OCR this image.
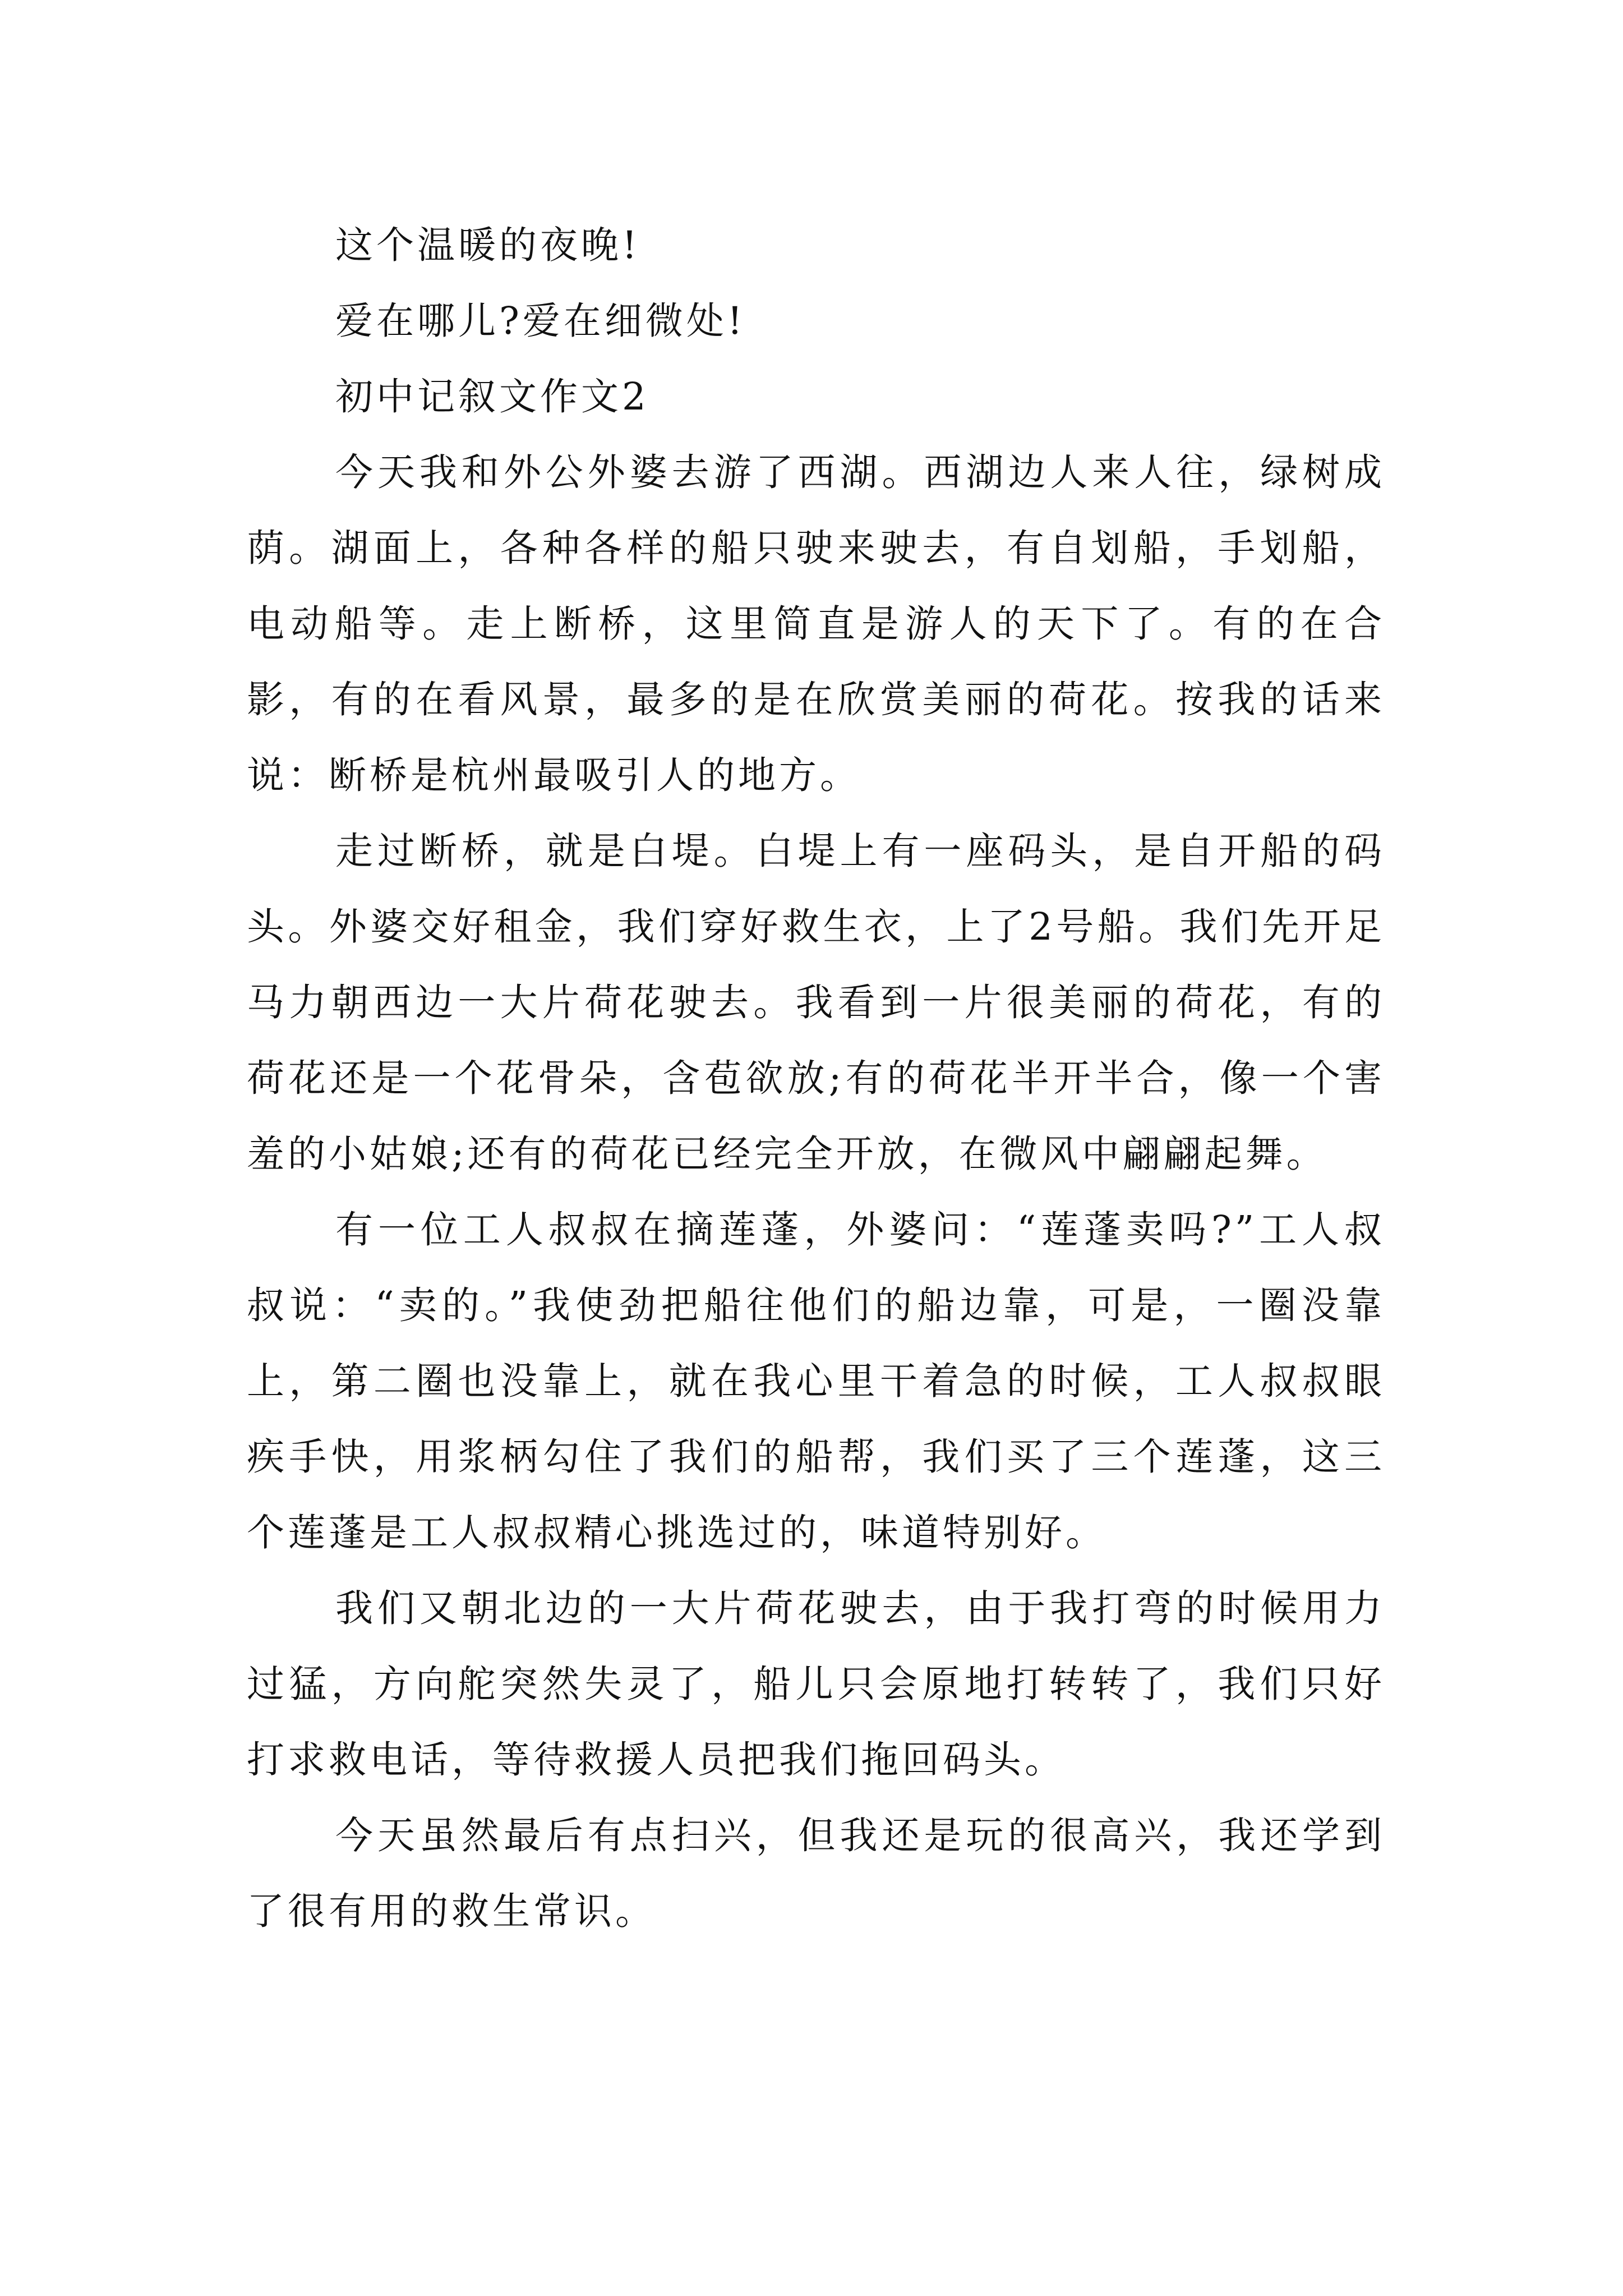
这个温暖的夜晚!

爱在哪儿?爱在细微处!

初中记叙文作文2

今天我和外公外婆去游了西湖。西湖边人来人往，绿树成荫。湖面上，各种各样的船只驶来驶去，有自划船，手划船，电动船等。走上断桥，这里简直是游人的天下了。有的在合影，有的在看风景，最多的是在欣赏美丽的荷花。按我的话来说：断桥是杭州最吸引人的地方。

走过断桥，就是白堤。白堤上有一座码头，是自开船的码头。外婆交好租金，我们穿好救生衣，上了2号船。我们先开足马力朝西边一大片荷花驶去。我看到一片很美丽的荷花，有的荷花还是一个花骨朵，含苞欲放;有的荷花半开半合，像一个害羞的小姑娘;还有的荷花已经完全开放，在微风中翩翩起舞。

有一位工人叔叔在摘莲蓬，外婆问：“莲蓬卖吗?”工人叔叔说：“卖的。”我使劲把船往他们的船边靠，可是，一圈没靠上，第二圈也没靠上，就在我心里干着急的时候，工人叔叔眼疾手快，用浆柄勾住了我们的船帮，我们买了三个莲蓬，这三个莲蓬是工人叔叔精心挑选过的，味道特别好。

我们又朝北边的一大片荷花驶去，由于我打弯的时候用力过猛，方向舵突然失灵了，船儿只会原地打转转了，我们只好打求救电话，等待救援人员把我们拖回码头。

今天虽然最后有点扫兴，但我还是玩的很高兴，我还学到了很有用的救生常识。
